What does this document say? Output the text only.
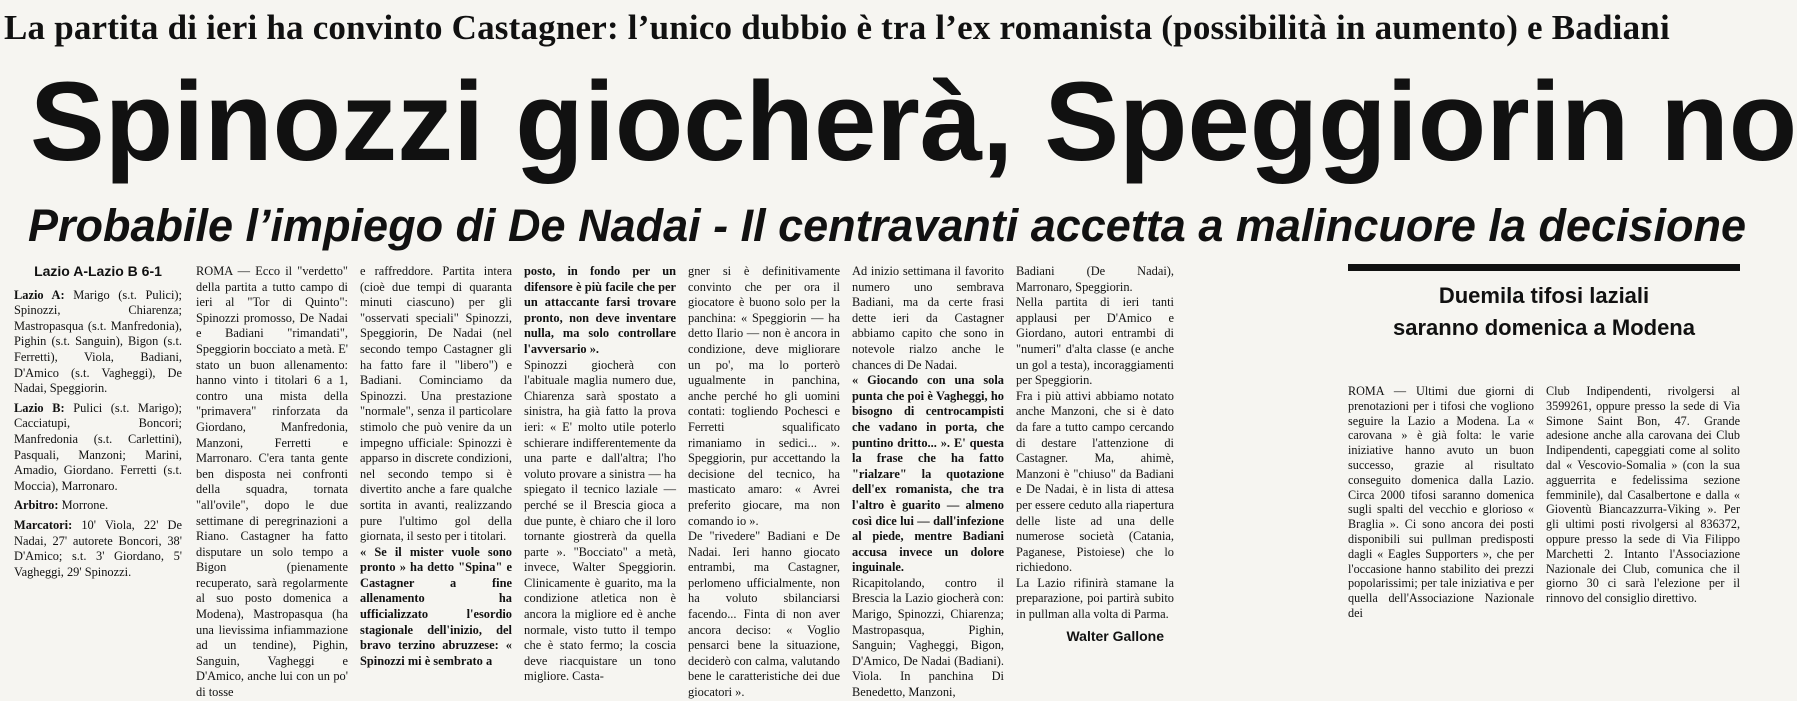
La partita di ieri ha convinto Castagner: l’unico dubbio è tra l’ex romanista (possibilità in aumento) e Badiani
Spinozzi giocherà, Speggiorin no
Probabile l’impiego di De Nadai - Il centravanti accetta a malincuore la decisione
Lazio A-Lazio B 6-1

Lazio A: Marigo (s.t. Pulici); Spinozzi, Chiarenza; Mastropasqua (s.t. Manfredonia), Pighin (s.t. Sanguin), Bigon (s.t. Ferretti), Viola, Badiani, D'Amico (s.t. Vagheggi), De Nadai, Speggiorin.

Lazio B: Pulici (s.t. Marigo); Cacciatupi, Boncori; Manfredonia (s.t. Carlettini), Pasquali, Manzoni; Marini, Amadio, Giordano. Ferretti (s.t. Moccia), Marronaro.

Arbitro: Morrone.

Marcatori: 10' Viola, 22' De Nadai, 27' autorete Boncori, 38' D'Amico; s.t. 3' Giordano, 5' Vagheggi, 29' Spinozzi.

ROMA — Ecco il "verdetto" della partita a tutto campo di ieri al "Tor di Quinto": Spinozzi promosso, De Nadai e Badiani "rimandati", Speggiorin bocciato a metà. E' stato un buon allenamento: hanno vinto i titolari 6 a 1, contro una mista della "primavera" rinforzata da Giordano, Manfredonia, Manzoni, Ferretti e Marronaro. C'era tanta gente ben disposta nei confronti della squadra, tornata "all'ovile", dopo le due settimane di peregrinazioni a Riano. Castagner ha fatto disputare un solo tempo a Bigon (pienamente recuperato, sarà regolarmente al suo posto domenica a Modena), Mastropasqua (ha una lievissima infiammazione ad un tendine), Pighin, Sanguin, Vagheggi e D'Amico, anche lui con un po' di tosse

e raffreddore. Partita intera (cioè due tempi di quaranta minuti ciascuno) per gli "osservati speciali" Spinozzi, Speggiorin, De Nadai (nel secondo tempo Castagner gli ha fatto fare il "libero") e Badiani. Cominciamo da Spinozzi. Una prestazione "normale", senza il particolare stimolo che può venire da un impegno ufficiale: Spinozzi è apparso in discrete condizioni, nel secondo tempo si è divertito anche a fare qualche sortita in avanti, realizzando pure l'ultimo gol della giornata, il sesto per i titolari.

« Se il mister vuole sono pronto » ha detto "Spina" e Castagner a fine allenamento ha ufficializzato l'esordio stagionale dell'inizio, del bravo terzino abruzzese: « Spinozzi mi è sembrato a

posto, in fondo per un difensore è più facile che per un attaccante farsi trovare pronto, non deve inventare nulla, ma solo controllare l'avversario ».

Spinozzi giocherà con l'abituale maglia numero due, Chiarenza sarà spostato a sinistra, ha già fatto la prova ieri: « E' molto utile poterlo schierare indifferentemente da una parte e dall'altra; l'ho voluto provare a sinistra — ha spiegato il tecnico laziale — perché se il Brescia gioca a due punte, è chiaro che il loro tornante giostrerà da quella parte ». "Bocciato" a metà, invece, Walter Speggiorin. Clinicamente è guarito, ma la condizione atletica non è ancora la migliore ed è anche normale, visto tutto il tempo che è stato fermo; la coscia deve riacquistare un tono migliore. Casta-

gner si è definitivamente convinto che per ora il giocatore è buono solo per la panchina: « Speggiorin — ha detto Ilario — non è ancora in condizione, deve migliorare un po', ma lo porterò ugualmente in panchina, anche perché ho gli uomini contati: togliendo Pochesci e Ferretti squalificato rimaniamo in sedici... ». Speggiorin, pur accettando la decisione del tecnico, ha masticato amaro: « Avrei preferito giocare, ma non comando io ».

De "rivedere" Badiani e De Nadai. Ieri hanno giocato entrambi, ma Castagner, perlomeno ufficialmente, non ha voluto sbilanciarsi facendo... Finta di non aver ancora deciso: « Voglio pensarci bene la situazione, deciderò con calma, valutando bene le caratteristiche dei due giocatori ».

Ad inizio settimana il favorito numero uno sembrava Badiani, ma da certe frasi dette ieri da Castagner abbiamo capito che sono in notevole rialzo anche le chances di De Nadai.

« Giocando con una sola punta che poi è Vagheggi, ho bisogno di centrocampisti che vadano in porta, che puntino dritto... ». E' questa la frase che ha fatto "rialzare" la quotazione dell'ex romanista, che tra l'altro è guarito — almeno così dice lui — dall'infezione al piede, mentre Badiani accusa invece un dolore inguinale.

Ricapitolando, contro il Brescia la Lazio giocherà con: Marigo, Spinozzi, Chiarenza; Mastropasqua, Pighin, Sanguin; Vagheggi, Bigon, D'Amico, De Nadai (Badiani). Viola. In panchina Di Benedetto, Manzoni,

Badiani (De Nadai), Marronaro, Speggiorin.

Nella partita di ieri tanti applausi per D'Amico e Giordano, autori entrambi di "numeri" d'alta classe (e anche un gol a testa), incoraggiamenti per Speggiorin.

Fra i più attivi abbiamo notato anche Manzoni, che si è dato da fare a tutto campo cercando di destare l'attenzione di Castagner. Ma, ahimè, Manzoni è "chiuso" da Badiani e De Nadai, è in lista di attesa per essere ceduto alla riapertura delle liste ad una delle numerose società (Catania, Paganese, Pistoiese) che lo richiedono.

La Lazio rifinirà stamane la preparazione, poi partirà subito in pullman alla volta di Parma.

Walter Gallone
Duemila tifosi laziali
saranno domenica a Modena

ROMA — Ultimi due giorni di prenotazioni per i tifosi che vogliono seguire la Lazio a Modena. La « carovana » è già folta: le varie iniziative hanno avuto un buon successo, grazie al risultato conseguito domenica dalla Lazio. Circa 2000 tifosi saranno domenica sugli spalti del vecchio e glorioso « Braglia ». Ci sono ancora dei posti disponibili sui pullman predisposti dagli « Eagles Supporters », che per l'occasione hanno stabilito dei prezzi popolarissimi; per tale iniziativa e per quella dell'Associazione Nazionale dei

Club Indipendenti, rivolgersi al 3599261, oppure presso la sede di Via Simone Saint Bon, 47. Grande adesione anche alla carovana dei Club Indipendenti, capeggiati come al solito dal « Vescovio-Somalia » (con la sua agguerrita e fedelissima sezione femminile), dal Casalbertone e dalla « Gioventù Biancazzurra-Viking ». Per gli ultimi posti rivolgersi al 836372, oppure presso la sede di Via Filippo Marchetti 2. Intanto l'Associazione Nazionale dei Club, comunica che il giorno 30 ci sarà l'elezione per il rinnovo del consiglio direttivo.
